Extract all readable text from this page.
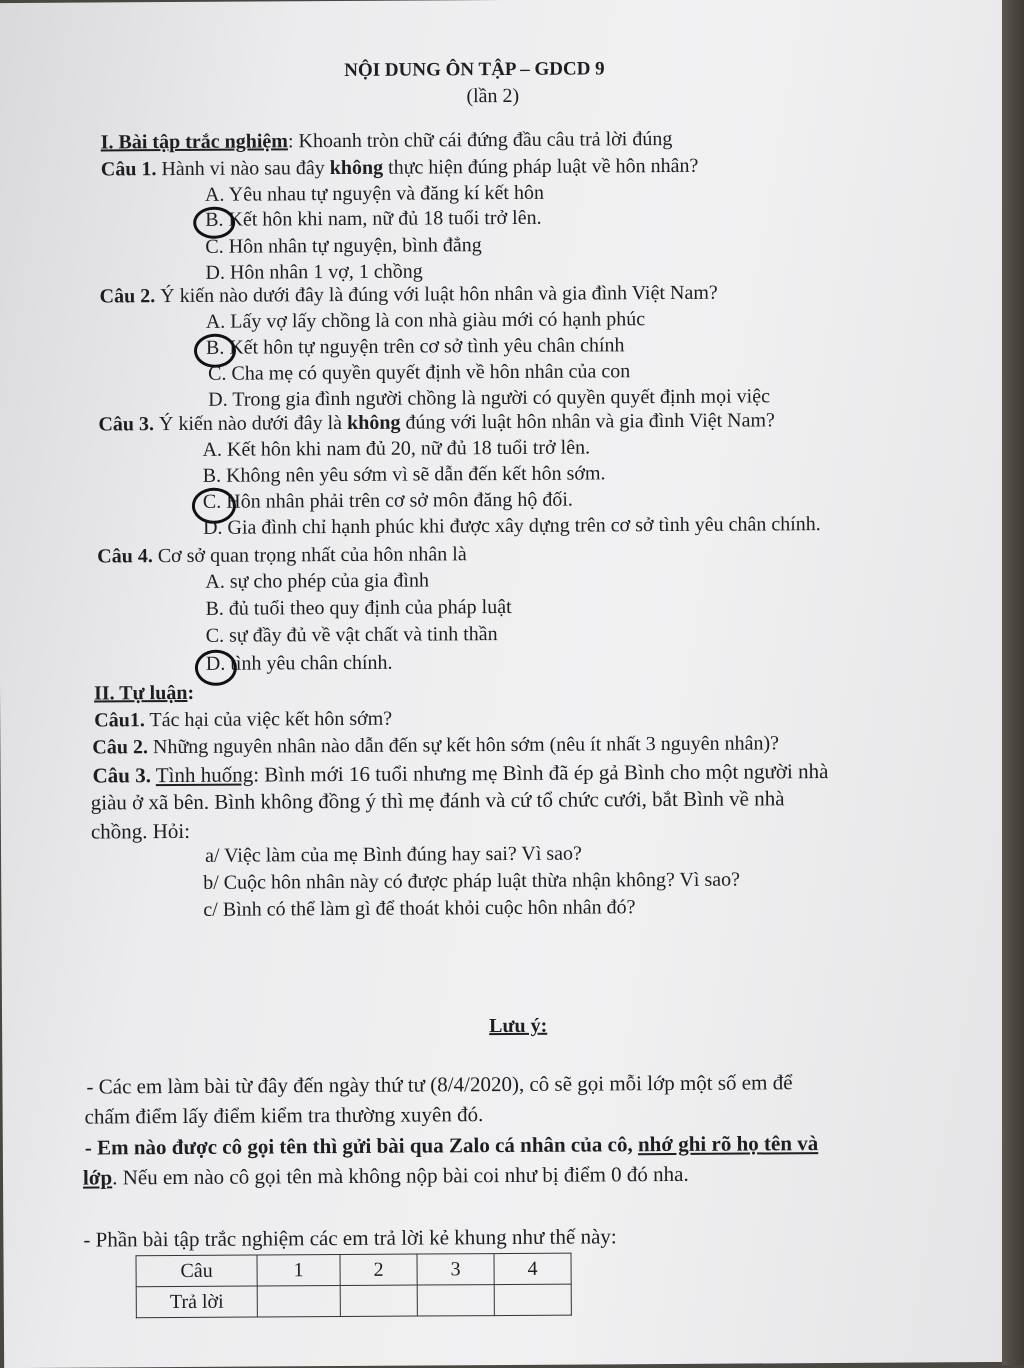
NỘI DUNG ÔN TẬP – GDCD 9
(lần 2)
I. Bài tập trắc nghiệm: Khoanh tròn chữ cái đứng đầu câu trả lời đúng
Câu 1. Hành vi nào sau đây không thực hiện đúng pháp luật về hôn nhân?
A. Yêu nhau tự nguyện và đăng kí kết hôn
B. Kết hôn khi nam, nữ đủ 18 tuổi trở lên.
C. Hôn nhân tự nguyện, bình đẳng
D. Hôn nhân 1 vợ, 1 chồng
Câu 2. Ý kiến nào dưới đây là đúng với luật hôn nhân và gia đình Việt Nam?
A. Lấy vợ lấy chồng là con nhà giàu mới có hạnh phúc
B. Kết hôn tự nguyện trên cơ sở tình yêu chân chính
C. Cha mẹ có quyền quyết định về hôn nhân của con
D. Trong gia đình người chồng là người có quyền quyết định mọi việc
Câu 3. Ý kiến nào dưới đây là không đúng với luật hôn nhân và gia đình Việt Nam?
A. Kết hôn khi nam đủ 20, nữ đủ 18 tuổi trở lên.
B. Không nên yêu sớm vì sẽ dẫn đến kết hôn sớm.
C. Hôn nhân phải trên cơ sở môn đăng hộ đối.
D. Gia đình chỉ hạnh phúc khi được xây dựng trên cơ sở tình yêu chân chính.
Câu 4. Cơ sở quan trọng nhất của hôn nhân là
A. sự cho phép của gia đình
B. đủ tuổi theo quy định của pháp luật
C. sự đầy đủ về vật chất và tinh thần
D. tình yêu chân chính.
II. Tự luận:
Câu1. Tác hại của việc kết hôn sớm?
Câu 2. Những nguyên nhân nào dẫn đến sự kết hôn sớm (nêu ít nhất 3 nguyên nhân)?
Câu 3. Tình huống: Bình mới 16 tuổi nhưng mẹ Bình đã ép gả Bình cho một người nhà
giàu ở xã bên. Bình không đồng ý thì mẹ đánh và cứ tổ chức cưới, bắt Bình về nhà
chồng. Hỏi:
a/ Việc làm của mẹ Bình đúng hay sai? Vì sao?
b/ Cuộc hôn nhân này có được pháp luật thừa nhận không? Vì sao?
c/ Bình có thể làm gì để thoát khỏi cuộc hôn nhân đó?
Lưu ý:
- Các em làm bài từ đây đến ngày thứ tư (8/4/2020), cô sẽ gọi mỗi lớp một số em để
chấm điểm lấy điểm kiểm tra thường xuyên đó.
- Em nào được cô gọi tên thì gửi bài qua Zalo cá nhân của cô, nhớ ghi rõ họ tên và
lớp. Nếu em nào cô gọi tên mà không nộp bài coi như bị điểm 0 đó nha.
- Phần bài tập trắc nghiệm các em trả lời kẻ khung như thế này:
Câu	1	2	3	4
Trả lời				
